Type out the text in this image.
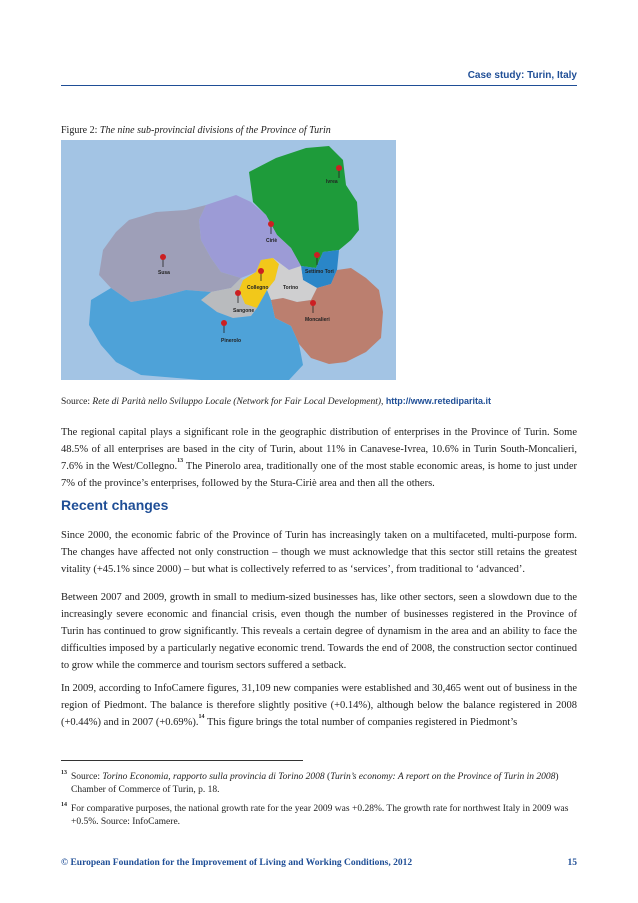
Case study: Turin, Italy
Figure 2: The nine sub-provincial divisions of the Province of Turin
Ivrea
Ciriè
Susa	Settimo Tori
Collegno	Torino
Sangone
Moncalieri
Pinerolo
Source: Rete di Parità nello Sviluppo Locale (Network for Fair Local Development), http://www.retediparita.it

The regional capital plays a significant role in the geographic distribution of enterprises in the Province of Turin. Some 48.5% of all enterprises are based in the city of Turin, about 11% in Canavese-Ivrea, 10.6% in Turin South-Moncalieri, 7.6% in the West/Collegno.$^{13}$ The Pinerolo area, traditionally one of the most stable economic areas, is home to just under 7% of the province’s enterprises, followed by the Stura-Ciriè area and then all the others.

Recent changes

Since 2000, the economic fabric of the Province of Turin has increasingly taken on a multifaceted, multi-purpose form. The changes have affected not only construction – though we must acknowledge that this sector still retains the greatest vitality (+45.1% since 2000) – but what is collectively referred to as ‘services’, from traditional to ‘advanced’.

Between 2007 and 2009, growth in small to medium-sized businesses has, like other sectors, seen a slowdown due to the increasingly severe economic and financial crisis, even though the number of businesses registered in the Province of Turin has continued to grow significantly. This reveals a certain degree of dynamism in the area and an ability to face the difficulties imposed by a particularly negative economic trend. Towards the end of 2008, the construction sector continued to grow while the commerce and tourism sectors suffered a setback.

In 2009, according to InfoCamere figures, 31,109 new companies were established and 30,465 went out of business in the region of Piedmont. The balance is therefore slightly positive (+0.14%), although below the balance registered in 2008 (+0.44%) and in 2007 (+0.69%).$^{14}$ This figure brings the total number of companies registered in Piedmont’s

13 Source: Torino Economia, rapporto sulla provincia di Torino 2008 (Turin’s economy: A report on the Province of Turin in 2008) Chamber of Commerce of Turin, p. 18.

14 For comparative purposes, the national growth rate for the year 2009 was +0.28%. The growth rate for northwest Italy in 2009 was +0.5%. Source: InfoCamere.

© European Foundation for the Improvement of Living and Working Conditions, 2012	15
